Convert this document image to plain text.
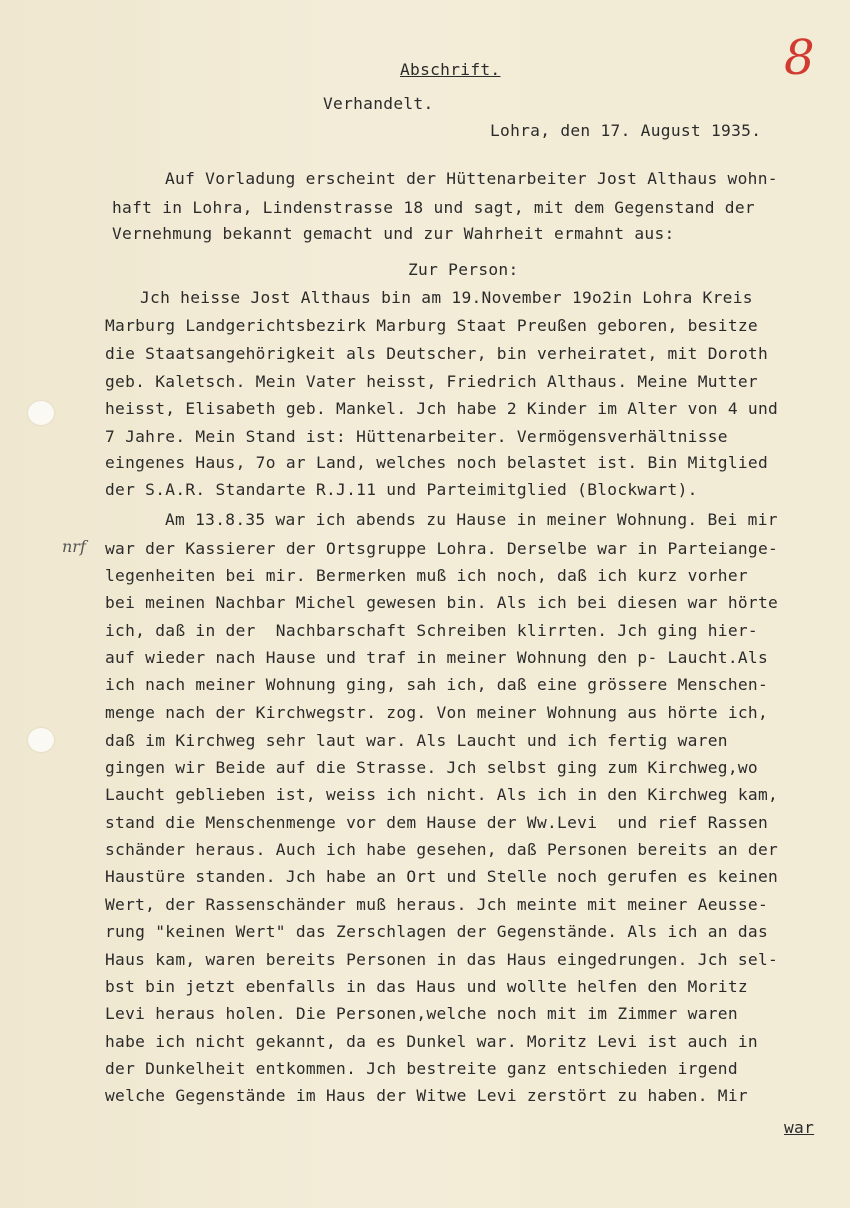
8
Abschrift.
Verhandelt.
Lohra, den 17. August 1935.
Auf Vorladung erscheint der Hüttenarbeiter Jost Althaus wohn-
haft in Lohra, Lindenstrasse 18 und sagt, mit dem Gegenstand der
Vernehmung bekannt gemacht und zur Wahrheit ermahnt aus:
Zur Person:
Jch heisse Jost Althaus bin am 19.November 19o2in Lohra Kreis
Marburg Landgerichtsbezirk Marburg Staat Preußen geboren, besitze
die Staatsangehörigkeit als Deutscher, bin verheiratet, mit Doroth
geb. Kaletsch. Mein Vater heisst, Friedrich Althaus. Meine Mutter
heisst, Elisabeth geb. Mankel. Jch habe 2 Kinder im Alter von 4 und
7 Jahre. Mein Stand ist: Hüttenarbeiter. Vermögensverhältnisse
eingenes Haus, 7o ar Land, welches noch belastet ist. Bin Mitglied
der S.A.R. Standarte R.J.11 und Parteimitglied (Blockwart).
nrf
Am 13.8.35 war ich abends zu Hause in meiner Wohnung. Bei mir
war der Kassierer der Ortsgruppe Lohra. Derselbe war in Parteiange-
legenheiten bei mir. Bermerken muß ich noch, daß ich kurz vorher
bei meinen Nachbar Michel gewesen bin. Als ich bei diesen war hörte
ich, daß in der  Nachbarschaft Schreiben klirrten. Jch ging hier-
auf wieder nach Hause und traf in meiner Wohnung den p- Laucht.Als
ich nach meiner Wohnung ging, sah ich, daß eine grössere Menschen-
menge nach der Kirchwegstr. zog. Von meiner Wohnung aus hörte ich,
daß im Kirchweg sehr laut war. Als Laucht und ich fertig waren
gingen wir Beide auf die Strasse. Jch selbst ging zum Kirchweg,wo
Laucht geblieben ist, weiss ich nicht. Als ich in den Kirchweg kam,
stand die Menschenmenge vor dem Hause der Ww.Levi  und rief Rassen
schänder heraus. Auch ich habe gesehen, daß Personen bereits an der
Haustüre standen. Jch habe an Ort und Stelle noch gerufen es keinen
Wert, der Rassenschänder muß heraus. Jch meinte mit meiner Aeusse-
rung "keinen Wert" das Zerschlagen der Gegenstände. Als ich an das
Haus kam, waren bereits Personen in das Haus eingedrungen. Jch sel-
bst bin jetzt ebenfalls in das Haus und wollte helfen den Moritz
Levi heraus holen. Die Personen,welche noch mit im Zimmer waren
habe ich nicht gekannt, da es Dunkel war. Moritz Levi ist auch in
der Dunkelheit entkommen. Jch bestreite ganz entschieden irgend
welche Gegenstände im Haus der Witwe Levi zerstört zu haben. Mir
war
